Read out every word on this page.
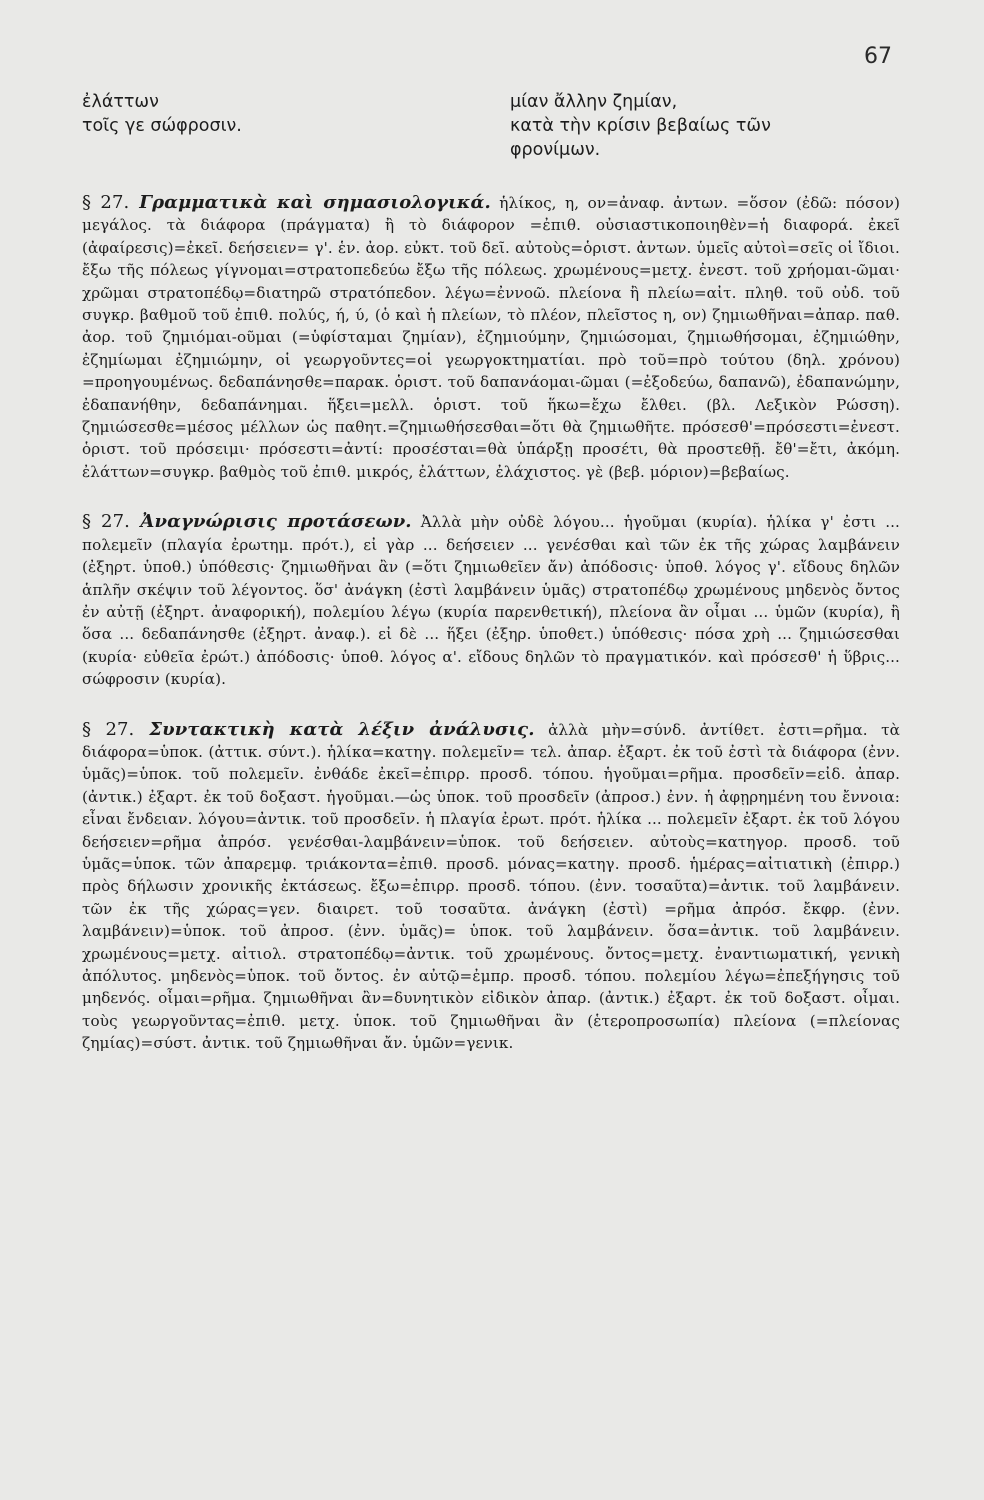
67
ἐλάττων
τοῖς γε σώφροσιν.
μίαν ἄλλην ζημίαν,
κατὰ τὴν κρίσιν βεβαίως τῶν
φρονίμων.

§ 27. Γραμματικὰ καὶ σημασιολογικά. ἡλίκος, η, ον=ἀναφ. ἀντων. =ὅσον (ἐδῶ: πόσον) μεγάλος. τὰ διάφορα (πράγματα) ἢ τὸ διάφορον =ἐπιθ. οὐσιαστικοποιηθὲν=ἡ διαφορά. ἐκεῖ (ἀφαίρεσις)=ἐκεῖ. δεήσειεν= γ'. ἑν. ἀορ. εὐκτ. τοῦ δεῖ. αὐτοὺς=ὁριστ. ἀντων. ὑμεῖς αὐτοὶ=σεῖς οἱ ἴδιοι. ἔξω τῆς πόλεως γίγνομαι=στρατοπεδεύω ἔξω τῆς πόλεως. χρωμένους=μετχ. ἐνεστ. τοῦ χρήομαι-ῶμαι· χρῶμαι στρατοπέδῳ=διατηρῶ στρατόπεδον. λέγω=ἐννοῶ. πλείονα ἢ πλείω=αἰτ. πληθ. τοῦ οὐδ. τοῦ συγκρ. βαθμοῦ τοῦ ἐπιθ. πολύς, ή, ύ, (ὁ καὶ ἡ πλείων, τὸ πλέον, πλεῖστος η, ον) ζημιωθῆναι=ἀπαρ. παθ. ἀορ. τοῦ ζημιόμαι-οῦμαι (=ὑφίσταμαι ζημίαν), ἐζημιούμην, ζημιώσομαι, ζημιωθήσομαι, ἐζημιώθην, ἐζημίωμαι ἐζημιώμην, οἱ γεωργοῦντες=οἱ γεωργοκτηματίαι. πρὸ τοῦ=πρὸ τούτου (δηλ. χρόνου) =προηγουμένως. δεδαπάνησθε=παρακ. ὁριστ. τοῦ δαπανάομαι-ῶμαι (=ἐξοδεύω, δαπανῶ), ἐδαπανώμην, ἐδαπανήθην, δεδαπάνημαι. ἥξει=μελλ. ὁριστ. τοῦ ἥκω=ἔχω ἔλθει. (βλ. Λεξικὸν Ρώσση). ζημιώσεσθε=μέσος μέλλων ὡς παθητ.=ζημιωθήσεσθαι=ὅτι θὰ ζημιωθῆτε. πρόσεσθ'=πρόσεστι=ἐνεστ. ὁριστ. τοῦ πρόσειμι· πρόσεστι=ἀντί: προσέσται=θὰ ὑπάρξῃ προσέτι, θὰ προστεθῇ. ἔθ'=ἔτι, ἀκόμη. ἐλάττων=συγκρ. βαθμὸς τοῦ ἐπιθ. μικρός, ἐλάττων, ἐλάχιστος. γὲ (βεβ. μόριον)=βεβαίως.

§ 27. Ἀναγνώρισις προτάσεων. Ἀλλὰ μὴν οὐδὲ λόγου... ἡγοῦμαι (κυρία). ἡλίκα γ' ἐστι ... πολεμεῖν (πλαγία ἐρωτημ. πρότ.), εἰ γὰρ ... δεήσειεν ... γενέσθαι καὶ τῶν ἐκ τῆς χώρας λαμβάνειν (ἐξηρτ. ὑποθ.) ὑπόθεσις· ζημιωθῆναι ἂν (=ὅτι ζημιωθεῖεν ἄν) ἀπόδοσις· ὑποθ. λόγος γ'. εἴδους δηλῶν ἁπλῆν σκέψιν τοῦ λέγοντος. ὅσ' ἀνάγκη (ἐστὶ λαμβάνειν ὑμᾶς) στρατοπέδῳ χρωμένους μηδενὸς ὄντος ἐν αὐτῇ (ἐξηρτ. ἀναφορική), πολεμίου λέγω (κυρία παρενθετική), πλείονα ἂν οἶμαι ... ὑμῶν (κυρία), ἢ ὅσα ... δεδαπάνησθε (ἐξηρτ. ἀναφ.). εἰ δὲ ... ἥξει (ἐξηρ. ὑποθετ.) ὑπόθεσις· πόσα χρὴ ... ζημιώσεσθαι (κυρία· εὐθεῖα ἐρώτ.) ἀπόδοσις· ὑποθ. λόγος α'. εἴδους δηλῶν τὸ πραγματικόν. καὶ πρόσεσθ' ἡ ὕβρις... σώφροσιν (κυρία).

§ 27. Συντακτικὴ κατὰ λέξιν ἀνάλυσις. ἀλλὰ μὴν=σύνδ. ἀντίθετ. ἐστι=ρῆμα. τὰ διάφορα=ὑποκ. (ἀττικ. σύντ.). ἡλίκα=κατηγ. πολεμεῖν= τελ. ἀπαρ. ἐξαρτ. ἐκ τοῦ ἐστὶ τὰ διάφορα (ἐνν. ὑμᾶς)=ὑποκ. τοῦ πολεμεῖν. ἐνθάδε ἐκεῖ=ἐπιρρ. προσδ. τόπου. ἡγοῦμαι=ρῆμα. προσδεῖν=εἰδ. ἀπαρ. (ἀντικ.) ἐξαρτ. ἐκ τοῦ δοξαστ. ἡγοῦμαι.—ὡς ὑποκ. τοῦ προσδεῖν (ἀπροσ.) ἐνν. ἡ ἀφῃρημένη του ἔννοια: εἶναι ἔνδειαν. λόγου=ἀντικ. τοῦ προσδεῖν. ἡ πλαγία ἐρωτ. πρότ. ἡλίκα ... πολεμεῖν ἐξαρτ. ἐκ τοῦ λόγου δεήσειεν=ρῆμα ἀπρόσ. γενέσθαι-λαμβάνειν=ὑποκ. τοῦ δεήσειεν. αὐτοὺς=κατηγορ. προσδ. τοῦ ὑμᾶς=ὑποκ. τῶν ἀπαρεμφ. τριάκοντα=ἐπιθ. προσδ. μόνας=κατηγ. προσδ. ἡμέρας=αἰτιατικὴ (ἐπιρρ.) πρὸς δήλωσιν χρονικῆς ἐκτάσεως. ἔξω=ἐπιρρ. προσδ. τόπου. (ἐνν. τοσαῦτα)=ἀντικ. τοῦ λαμβάνειν. τῶν ἐκ τῆς χώρας=γεν. διαιρετ. τοῦ τοσαῦτα. ἀνάγκη (ἐστὶ) =ρῆμα ἀπρόσ. ἔκφρ. (ἐνν. λαμβάνειν)=ὑποκ. τοῦ ἀπροσ. (ἐνν. ὑμᾶς)= ὑποκ. τοῦ λαμβάνειν. ὅσα=ἀντικ. τοῦ λαμβάνειν. χρωμένους=μετχ. αἰτιολ. στρατοπέδῳ=ἀντικ. τοῦ χρωμένους. ὄντος=μετχ. ἐναντιωματική, γενικὴ ἀπόλυτος. μηδενὸς=ὑποκ. τοῦ ὄντος. ἐν αὐτῷ=ἐμπρ. προσδ. τόπου. πολεμίου λέγω=ἐπεξήγησις τοῦ μηδενός. οἶμαι=ρῆμα. ζημιωθῆναι ἂν=δυνητικὸν εἰδικὸν ἀπαρ. (ἀντικ.) ἐξαρτ. ἐκ τοῦ δοξαστ. οἶμαι. τοὺς γεωργοῦντας=ἐπιθ. μετχ. ὑποκ. τοῦ ζημιωθῆναι ἂν (ἑτεροπροσωπία) πλείονα (=πλείονας ζημίας)=σύστ. ἀντικ. τοῦ ζημιωθῆναι ἄν. ὑμῶν=γενικ.
